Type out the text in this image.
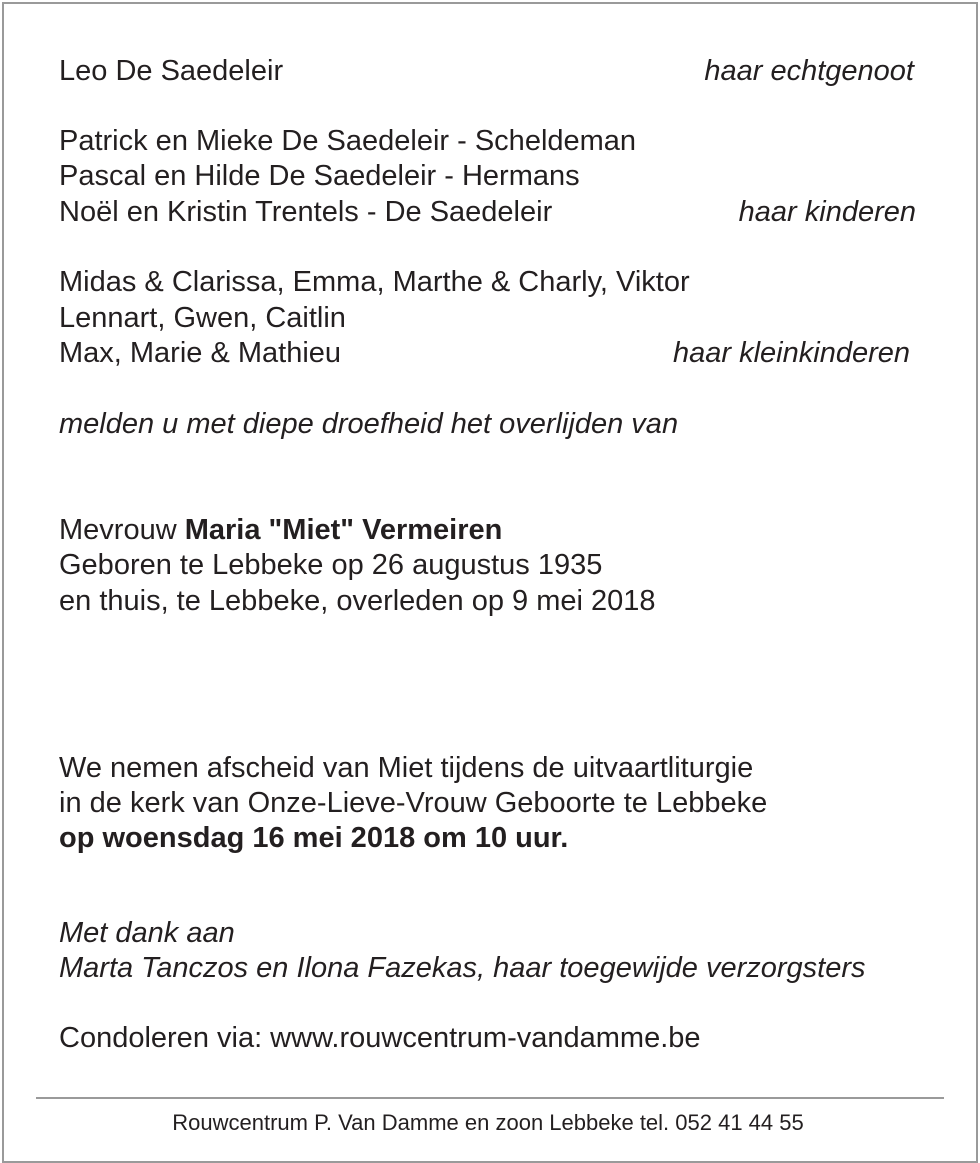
Leo De Saedeleir	haar echtgenoot
Patrick en Mieke De Saedeleir - Scheldeman
Pascal en Hilde De Saedeleir - Hermans
Noël en Kristin Trentels - De Saedeleir	haar kinderen
Midas & Clarissa, Emma, Marthe & Charly, Viktor
Lennart, Gwen, Caitlin
Max, Marie & Mathieu	haar kleinkinderen
melden u met diepe droefheid het overlijden van
Mevrouw Maria "Miet" Vermeiren
Geboren te Lebbeke op 26 augustus 1935
en thuis, te Lebbeke, overleden op 9 mei 2018
We nemen afscheid van Miet tijdens de uitvaartliturgie
in de kerk van Onze-Lieve-Vrouw Geboorte te Lebbeke
op woensdag 16 mei 2018 om 10 uur.
Met dank aan
Marta Tanczos en Ilona Fazekas, haar toegewijde verzorgsters
Condoleren via: www.rouwcentrum-vandamme.be
Rouwcentrum P. Van Damme en zoon Lebbeke tel. 052 41 44 55
